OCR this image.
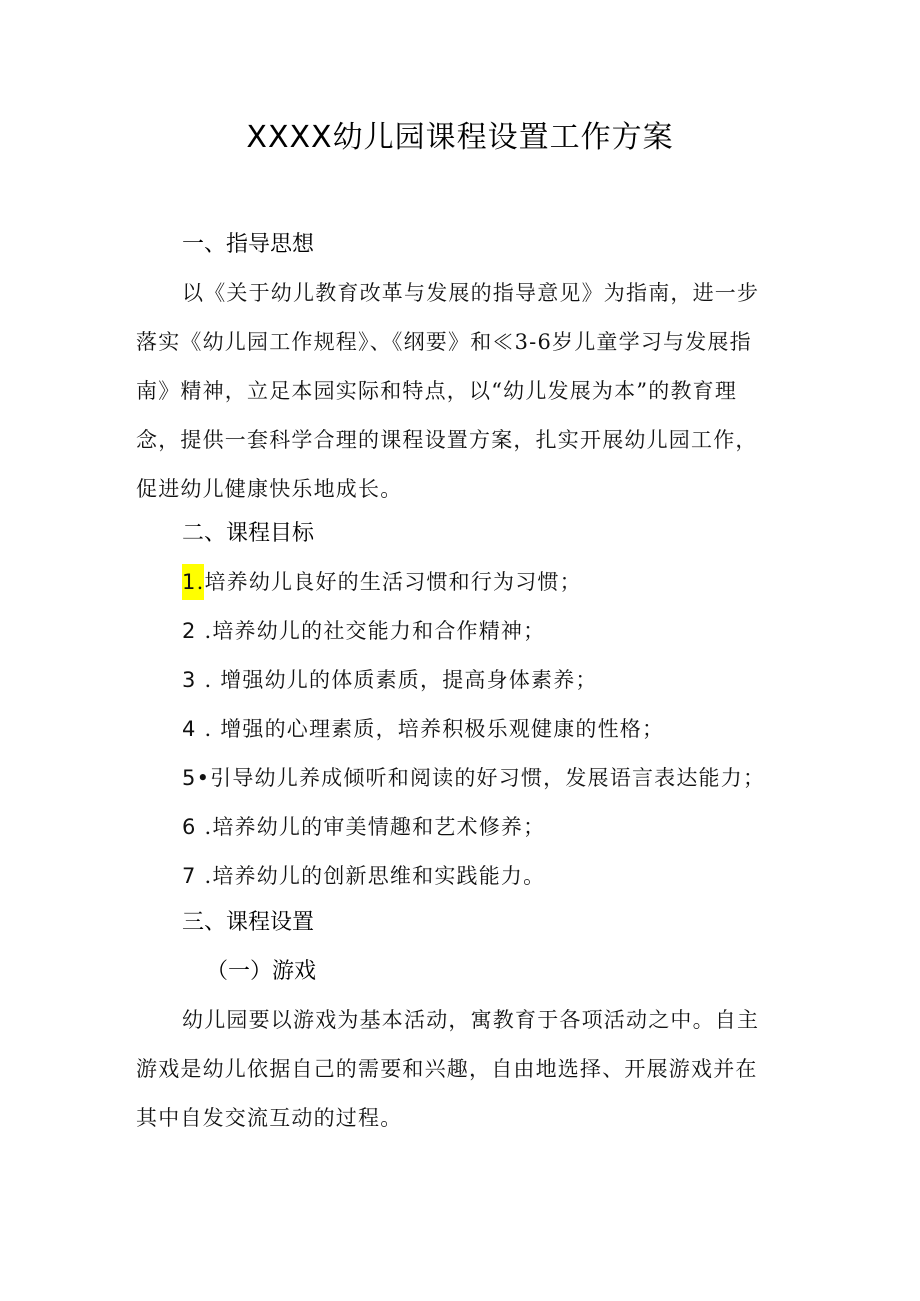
XXXX幼儿园课程设置工作方案
一、指导思想
以《关于幼儿教育改革与发展的指导意见》为指南，进一步
落实《幼儿园工作规程》、《纲要》和≪3-6岁儿童学习与发展指
南》精神，立足本园实际和特点，以“幼儿发展为本”的教育理
念，提供一套科学合理的课程设置方案，扎实开展幼儿园工作，
促进幼儿健康快乐地成长。
二、课程目标
1.培养幼儿良好的生活习惯和行为习惯；
2 .培养幼儿的社交能力和合作精神；
3 . 增强幼儿的体质素质，提高身体素养；
4 . 增强的心理素质，培养积极乐观健康的性格；
5•引导幼儿养成倾听和阅读的好习惯，发展语言表达能力；
6 .培养幼儿的审美情趣和艺术修养；
7 .培养幼儿的创新思维和实践能力。
三、课程设置
（一）游戏
幼儿园要以游戏为基本活动，寓教育于各项活动之中。自主
游戏是幼儿依据自己的需要和兴趣，自由地选择、开展游戏并在
其中自发交流互动的过程。
